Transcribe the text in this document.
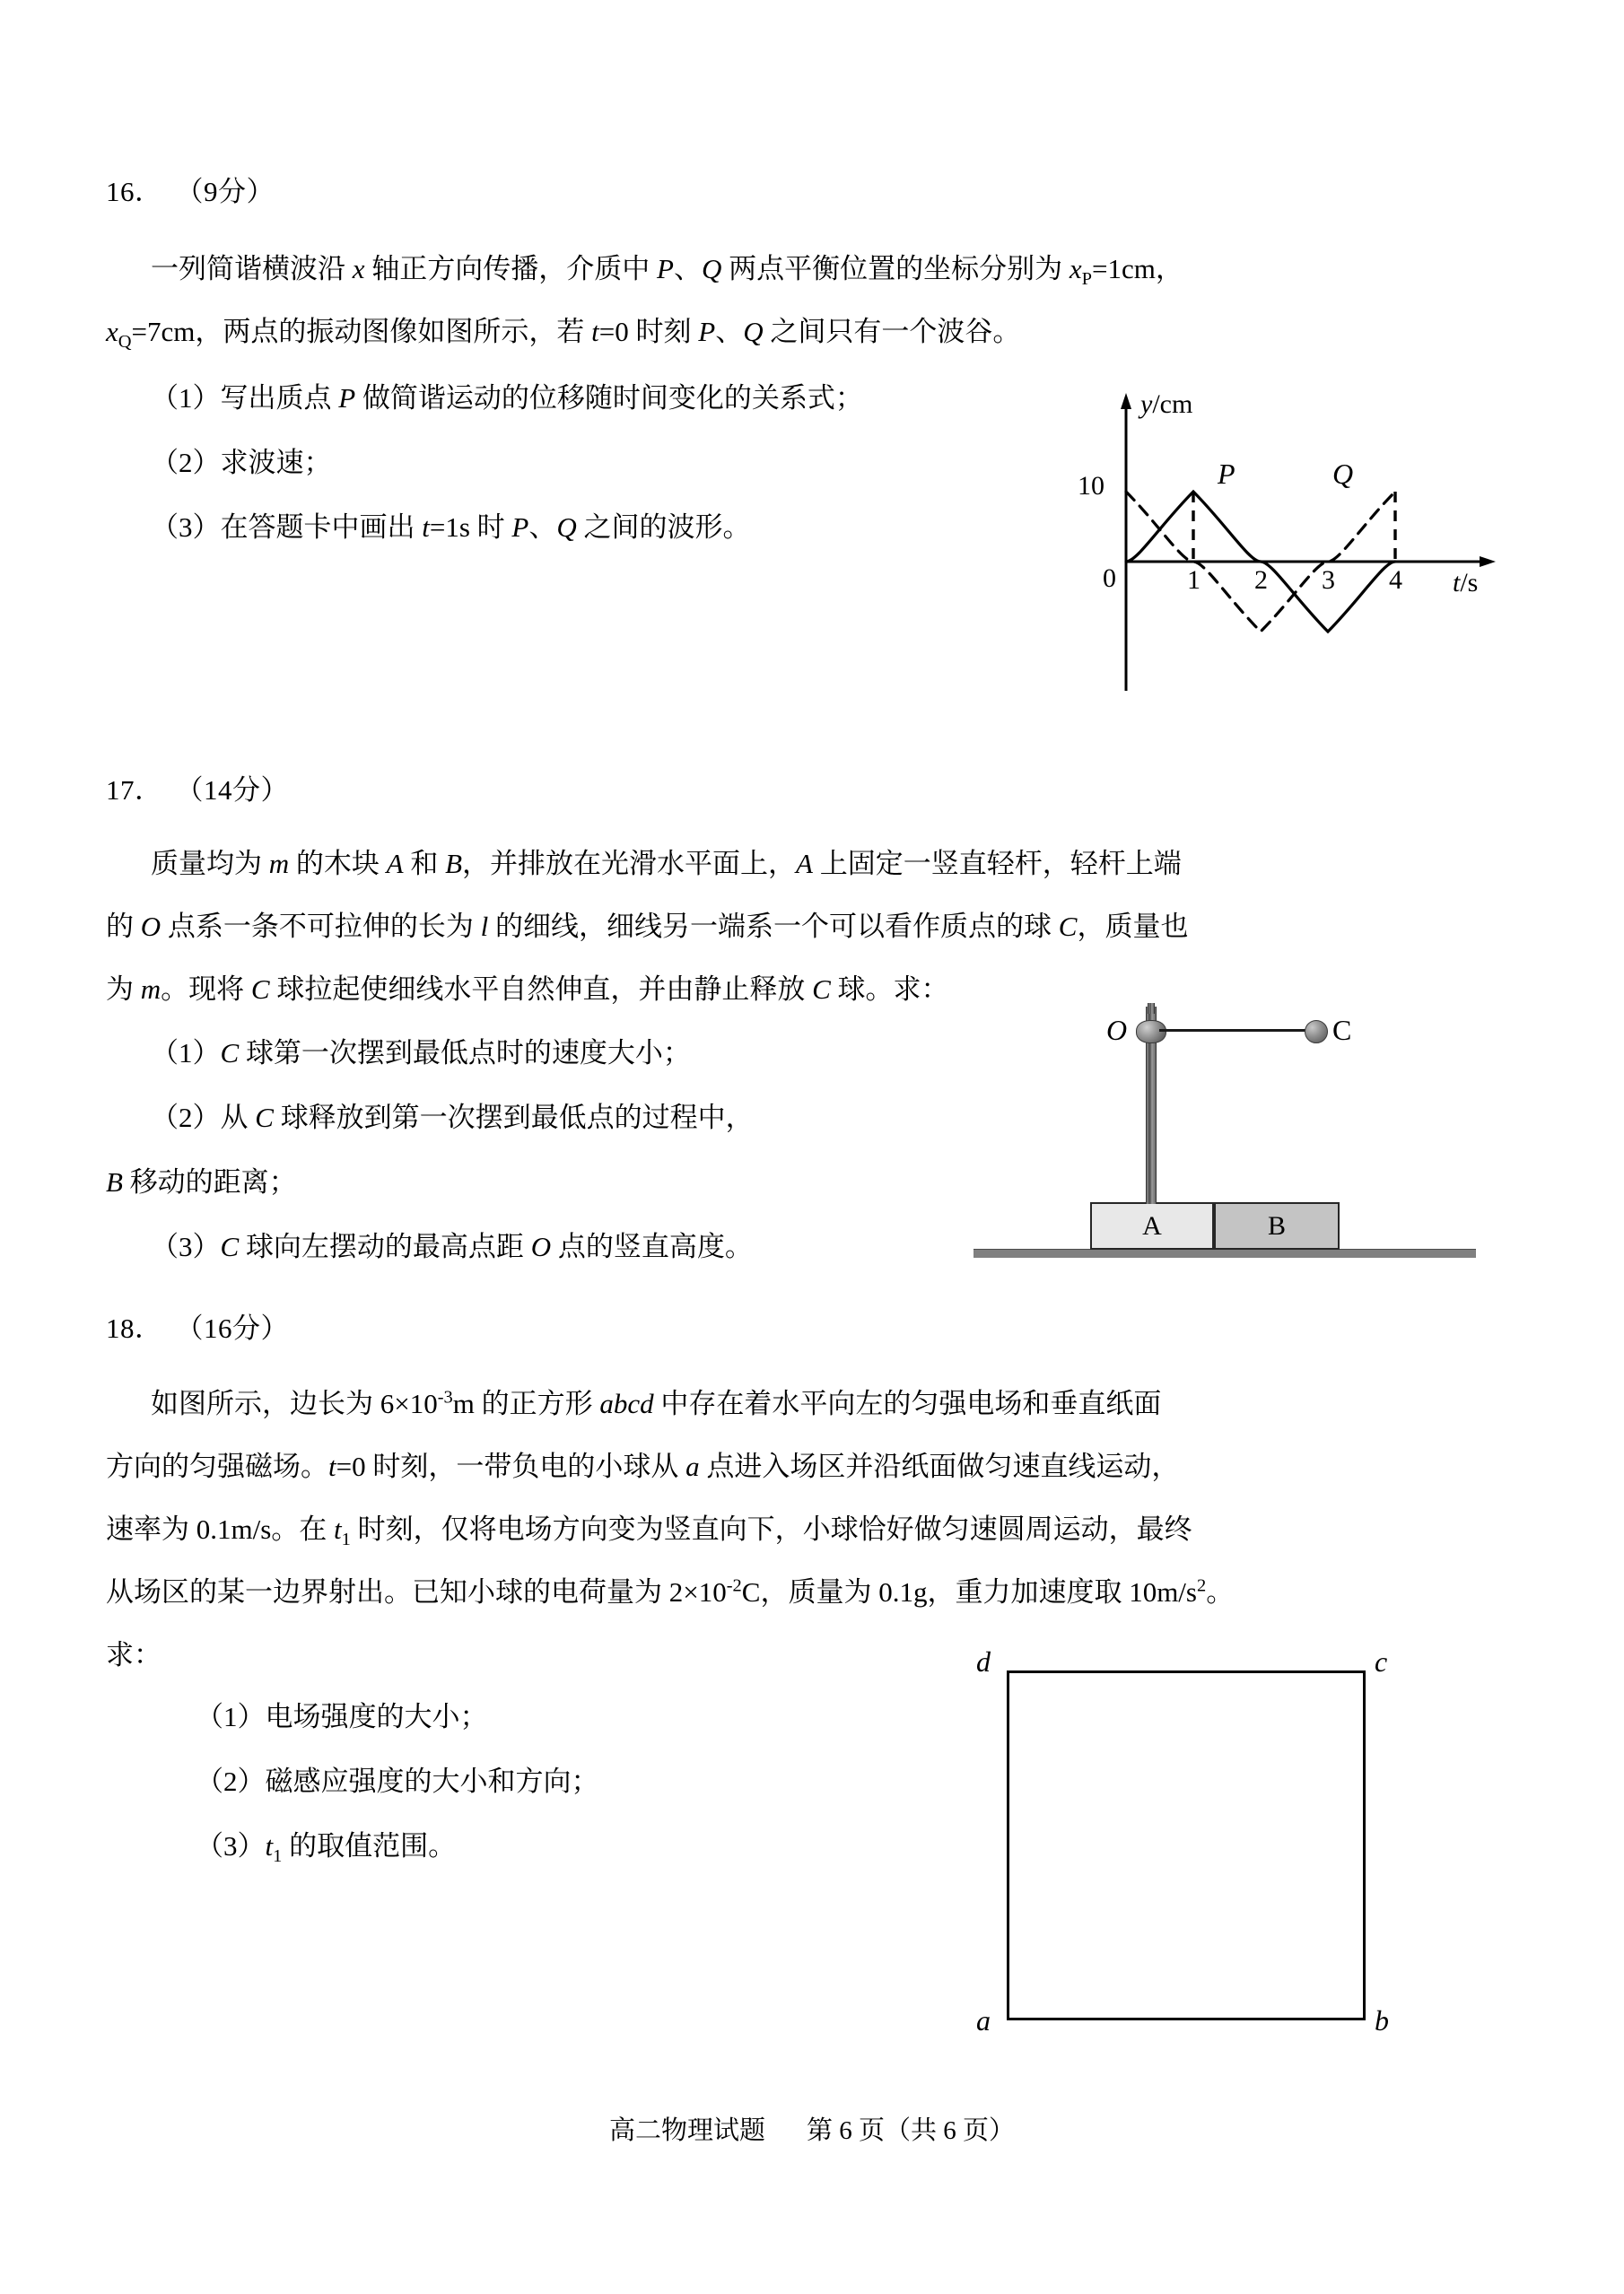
16． （9分）
一列简谐横波沿 x 轴正方向传播，介质中 P、Q 两点平衡位置的坐标分别为 $x_P=1cm$，
$x_Q=7cm$，两点的振动图像如图所示，若 t=0 时刻 P、Q 之间只有一个波谷。
（1）写出质点 P 做简谐运动的位移随时间变化的关系式；
（2）求波速；
（3）在答题卡中画出 t=1s 时 P、Q 之间的波形。
y/cm
10
0	1 2 3 4 t/s
P	Q
17． （14分）
质量均为 m 的木块 A 和 B，并排放在光滑水平面上，A 上固定一竖直轻杆，轻杆上端
的 O 点系一条不可拉伸的长为 l 的细线，细线另一端系一个可以看作质点的球 C，质量也
为 m。现将 C 球拉起使细线水平自然伸直，并由静止释放 C 球。求：
（1）C 球第一次摆到最低点时的速度大小；
（2）从 C 球释放到第一次摆到最低点的过程中，
B 移动的距离；
（3）C 球向左摆动的最高点距 O 点的竖直高度。
A	B
O	C
18． （16分）
如图所示，边长为 $6\times 10^{-3}m$ 的正方形 abcd 中存在着水平向左的匀强电场和垂直纸面
方向的匀强磁场。t=0 时刻，一带负电的小球从 a 点进入场区并沿纸面做匀速直线运动，
速率为 0.1m/s。在 $t_1$ 时刻，仅将电场方向变为竖直向下，小球恰好做匀速圆周运动，最终
从场区的某一边界射出。已知小球的电荷量为 $2\times 10^{-2}C$，质量为 0.1g，重力加速度取 $10m/s^2$。
求：
（1）电场强度的大小；
（2）磁感应强度的大小和方向；
$(3)t_1$ 的取值范围。
d	c
a	b
高二物理试题 第 6 页（共 6 页）
